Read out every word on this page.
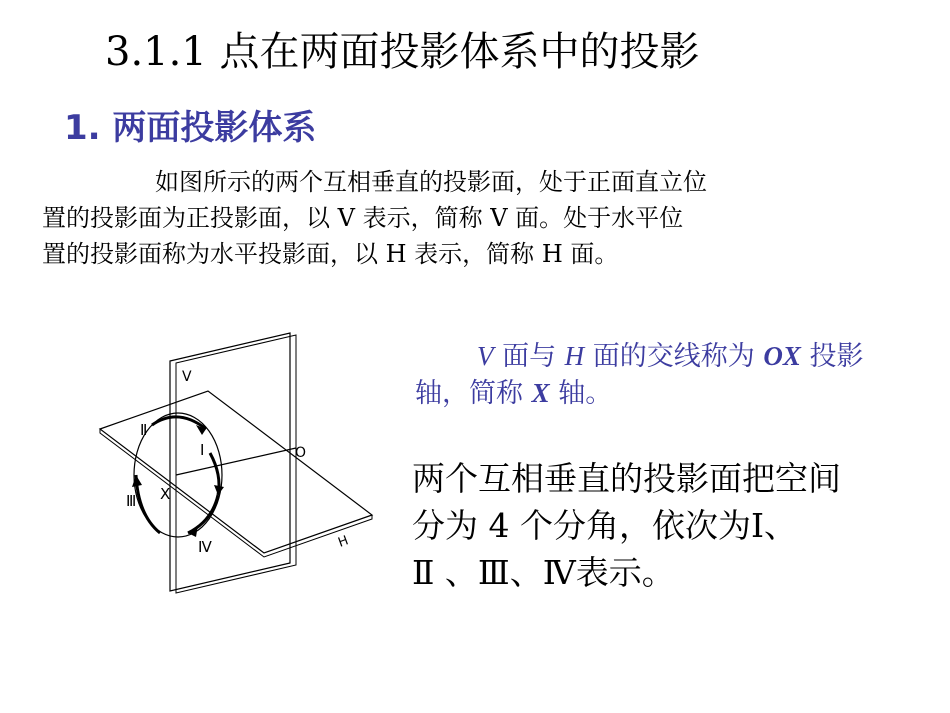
3.1.1 点在两面投影体系中的投影
1. 两面投影体系
如图所示的两个互相垂直的投影面，处于正面直立位
置的投影面为正投影面，以 V 表示，简称 V 面。处于水平位
置的投影面称为水平投影面，以 H 表示，简称 H 面。
V
H
O
X
Ⅰ
Ⅱ
Ⅲ
Ⅳ
V 面与 H 面的交线称为 OX 投影
轴，简称 X 轴。
两个互相垂直的投影面把空间
分为 4 个分角，依次为Ⅰ、
Ⅱ 、Ⅲ、Ⅳ表示。
